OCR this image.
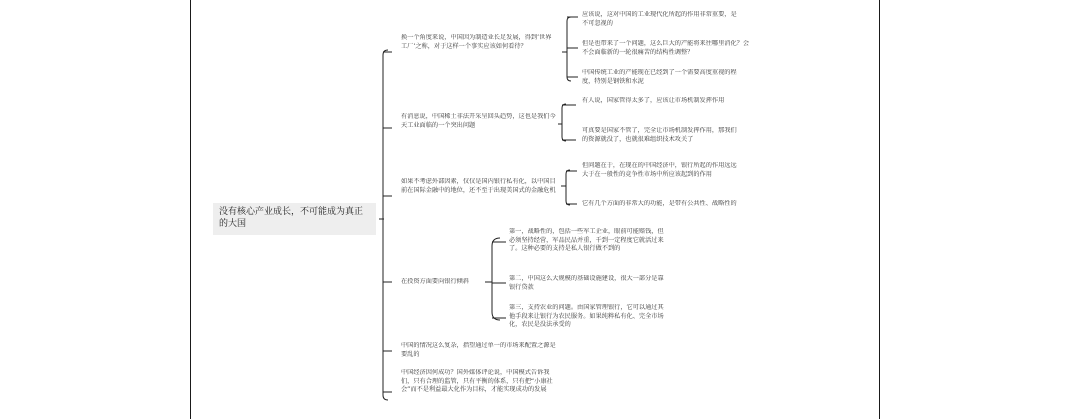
没有核心产业成长，不可能成为真正的大国
换一个角度来说，中国因为制造业长足发展，得到’世界工厂’之称，对于这样一个事实应该如何看待？
应该说，这对中国的工业现代化所起的作用非常重要，是不可忽视的
但是也带来了一个问题，这么巨大的产能将来往哪里消化？会不会面临新的一轮很痛苦的结构性调整？
中国传统工业的产能现在已经到了一个需要高度重视的程度，特别是钢铁和水泥
有消息说，中国稀土非法开采呈回头趋势，这也是我们今天工业面临的一个突出问题
有人说，国家管得太多了，应该让市场机制发挥作用
可真要是国家不管了，完全让市场机制发挥作用，那我们的资源就没了，也就很难组织技术攻关了
如果不考虑外部因素，仅仅是国内银行私有化，以中国目前在国际金融中的地位，还不至于出现美国式的金融危机
但问题在于，在现在的中国经济中，银行所起的作用远远大于在一般性的竞争性市场中所应该起到的作用
它有几个方面的非常大的功能，是带有公共性、战略性的
在投资方面要向银行倾斜
第一，战略性的，包括一些军工企业，眼前可能赔钱，但必须坚持经营，军品民品并重，千到一定程度它就活过来了。这种必要的支持是私人银行做不到的
第二，中国这么大规模的基础设施建设，很大一部分是靠银行贷款
第三，支持农业的问题。由国家管理银行，它可以通过其他手段来让银行为农民服务。如果纯粹私有化、完全市场化，农民是没法承受的
中国的情况这么复杂，指望通过单一的市场来配置之源是要乱的
中国经济因何成功？国外媒体评论说，中国模式告诉我们，只有合理的监管，只有平衡的体系，只有把“小康社会”而不是利益最大化作为目标，才能实现成功的发展
